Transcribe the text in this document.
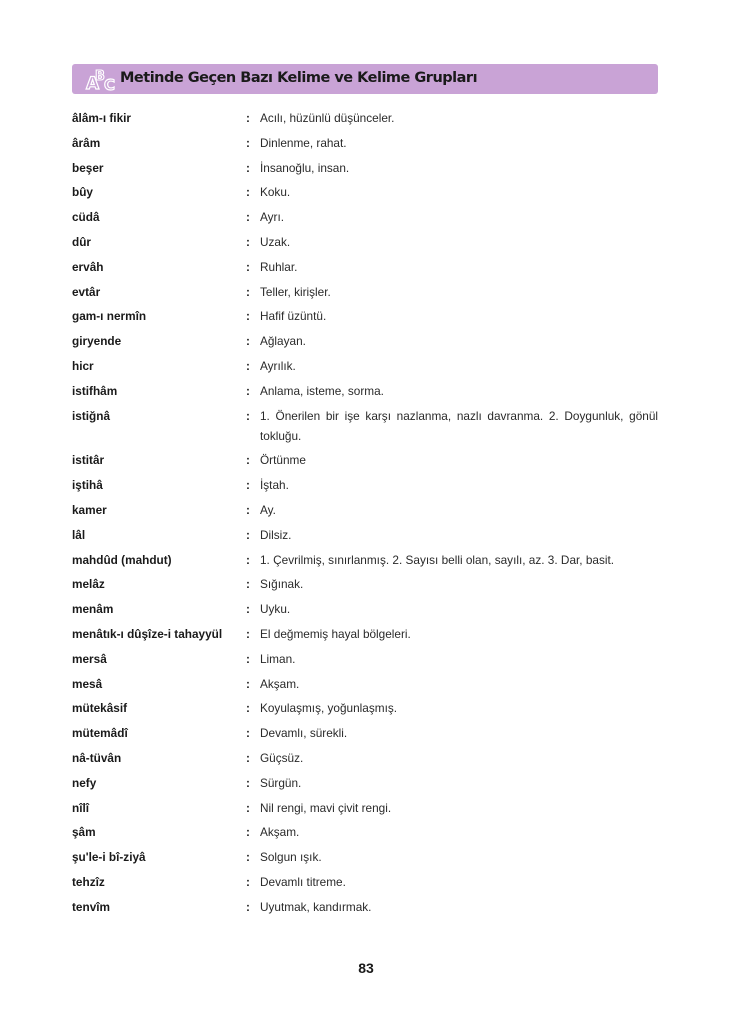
A
B C Metinde Geçen Bazı Kelime ve Kelime Grupları
âlâm-ı fikir	: Acılı, hüzünlü düşünceler.
ârâm	: Dinlenme, rahat.
beşer	: İnsanoğlu, insan.
bûy	: Koku.
cüdâ	: Ayrı.
dûr	: Uzak.
ervâh	: Ruhlar.
evtâr	: Teller, kirişler.
gam-ı nermîn	: Hafif üzüntü.
giryende	: Ağlayan.
hicr	: Ayrılık.
istifhâm	: Anlama, isteme, sorma.
istiğnâ	: 1. Önerilen bir işe karşı nazlanma, nazlı davranma. 2. Doygunluk, gönül tokluğu.
istitâr	: Örtünme
iştihâ	: İştah.
kamer	: Ay.
lâl	: Dilsiz.
mahdûd (mahdut)	: 1. Çevrilmiş, sınırlanmış. 2. Sayısı belli olan, sayılı, az. 3. Dar, basit.
melâz	: Sığınak.
menâm	: Uyku.
menâtık-ı dûşîze-i tahayyül	: El değmemiş hayal bölgeleri.
mersâ	: Liman.
mesâ	: Akşam.
mütekâsif	: Koyulaşmış, yoğunlaşmış.
mütemâdî	: Devamlı, sürekli.
nâ-tüvân	: Güçsüz.
nefy	: Sürgün.
nîlî	: Nil rengi, mavi çivit rengi.
şâm	: Akşam.
şu'le-i bî-ziyâ	: Solgun ışık.
tehzîz	: Devamlı titreme.
tenvîm	: Uyutmak, kandırmak.
83
